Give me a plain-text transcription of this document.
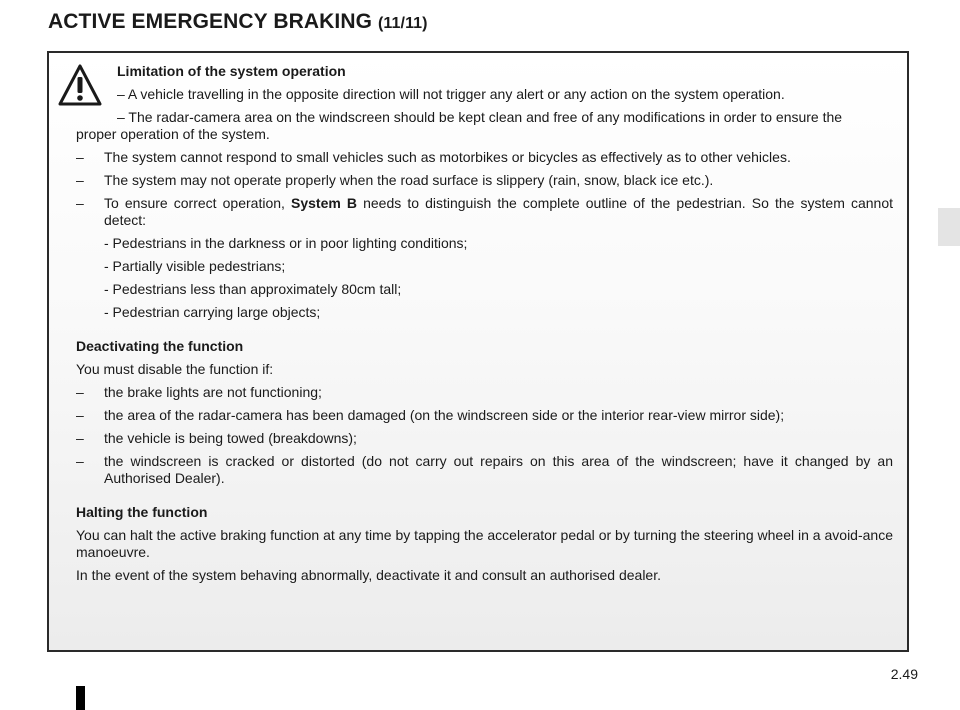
ACTIVE EMERGENCY BRAKING (11/11)

Limitation of the system operation

– A vehicle travelling in the opposite direction will not trigger any alert or any action on the system operation.

– The radar-camera area on the windscreen should be kept clean and free of any modifications in order to ensure the

proper operation of the system.

– The system cannot respond to small vehicles such as motorbikes or bicycles as effectively as to other vehicles.
– The system may not operate properly when the road surface is slippery (rain, snow, black ice etc.).
– To ensure correct operation, System B needs to distinguish the complete outline of the pedestrian. So the system cannot detect:

- Pedestrians in the darkness or in poor lighting conditions;

- Partially visible pedestrians;

- Pedestrians less than approximately 80cm tall;

- Pedestrian carrying large objects;

Deactivating the function

You must disable the function if:

– the brake lights are not functioning;
– the area of the radar-camera has been damaged (on the windscreen side or the interior rear-view mirror side);
– the vehicle is being towed (breakdowns);
– the windscreen is cracked or distorted (do not carry out repairs on this area of the windscreen; have it changed by an Authorised Dealer).

Halting the function

You can halt the active braking function at any time by tapping the accelerator pedal or by turning the steering wheel in a avoid-ance manoeuvre.

In the event of the system behaving abnormally, deactivate it and consult an authorised dealer.

2.49
